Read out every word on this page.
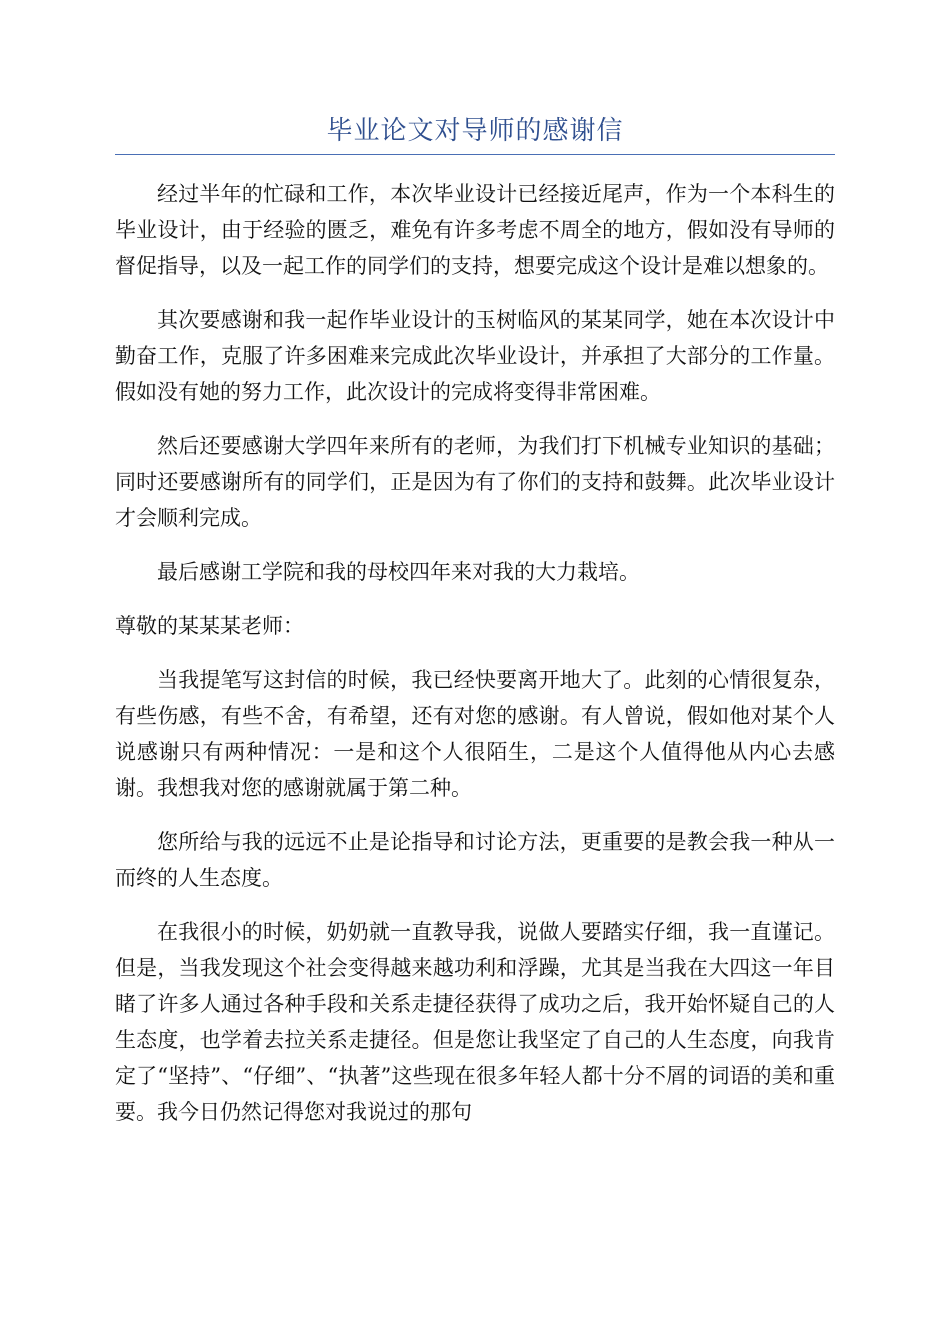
毕业论文对导师的感谢信

经过半年的忙碌和工作，本次毕业设计已经接近尾声，作为一个本科生的毕业设计，由于经验的匮乏，难免有许多考虑不周全的地方，假如没有导师的督促指导，以及一起工作的同学们的支持，想要完成这个设计是难以想象的。

其次要感谢和我一起作毕业设计的玉树临风的某某同学，她在本次设计中勤奋工作，克服了许多困难来完成此次毕业设计，并承担了大部分的工作量。假如没有她的努力工作，此次设计的完成将变得非常困难。

然后还要感谢大学四年来所有的老师，为我们打下机械专业知识的基础；同时还要感谢所有的同学们，正是因为有了你们的支持和鼓舞。此次毕业设计才会顺利完成。

最后感谢工学院和我的母校四年来对我的大力栽培。

尊敬的某某某老师：

当我提笔写这封信的时候，我已经快要离开地大了。此刻的心情很复杂，有些伤感，有些不舍，有希望，还有对您的感谢。有人曾说，假如他对某个人说感谢只有两种情况：一是和这个人很陌生，二是这个人值得他从内心去感谢。我想我对您的感谢就属于第二种。

您所给与我的远远不止是论指导和讨论方法，更重要的是教会我一种从一而终的人生态度。

在我很小的时候，奶奶就一直教导我，说做人要踏实仔细，我一直谨记。但是，当我发现这个社会变得越来越功利和浮躁，尤其是当我在大四这一年目睹了许多人通过各种手段和关系走捷径获得了成功之后，我开始怀疑自己的人生态度，也学着去拉关系走捷径。但是您让我坚定了自己的人生态度，向我肯定了“坚持”、“仔细”、“执著”这些现在很多年轻人都十分不屑的词语的美和重要。我今日仍然记得您对我说过的那句
